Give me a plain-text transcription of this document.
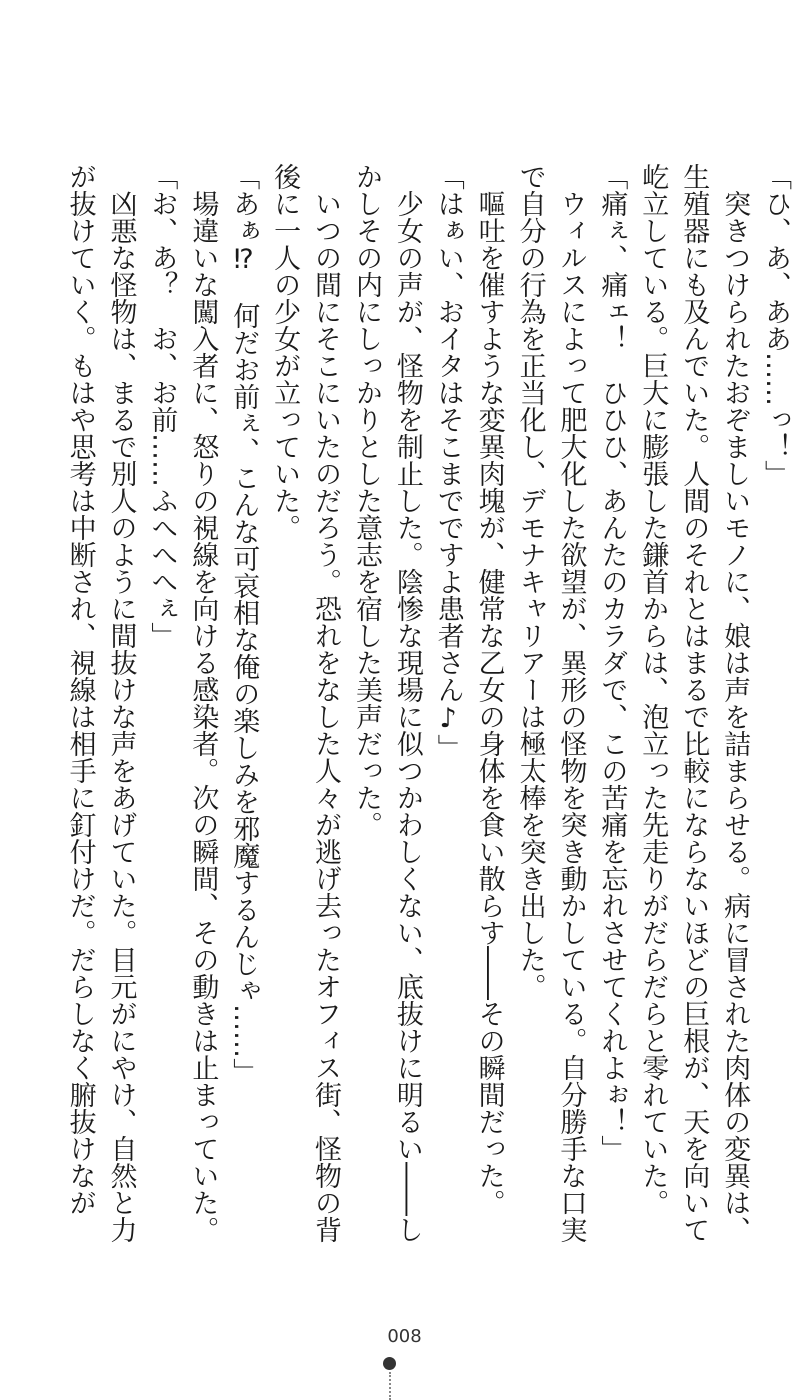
「ひ、あ、ああ……っ！」
　突きつけられたおぞましいモノに、娘は声を詰まらせる。病に冒された肉体の変異は、
生殖器にも及んでいた。人間のそれとはまるで比較にならないほどの巨根が、天を向いて
屹立している。巨大に膨張した鎌首からは、泡立った先走りがだらだらと零れていた。
「痛ぇ、痛ェ！　ひひひ、あんたのカラダで、この苦痛を忘れさせてくれよぉ！」
　ウィルスによって肥大化した欲望が、異形の怪物を突き動かしている。自分勝手な口実
で自分の行為を正当化し、デモナキャリアーは極太棒を突き出した。
　嘔吐を催すような変異肉塊が、健常な乙女の身体を食い散らす――その瞬間だった。
「はぁい、おイタはそこまでですよ患者さん♪」
　少女の声が、怪物を制止した。陰惨な現場に似つかわしくない、底抜けに明るい――し
かしその内にしっかりとした意志を宿した美声だった。
　いつの間にそこにいたのだろう。恐れをなした人々が逃げ去ったオフィス街、怪物の背
後に一人の少女が立っていた。
「あぁ⁉　何だお前ぇ、こんな可哀相な俺の楽しみを邪魔するんじゃ……」
　場違いな闖入者に、怒りの視線を向ける感染者。次の瞬間、その動きは止まっていた。
「お、あ？　お、お前……ふへへへぇ」
　凶悪な怪物は、まるで別人のように間抜けな声をあげていた。目元がにやけ、自然と力
が抜けていく。もはや思考は中断され、視線は相手に釘付けだ。だらしなく腑抜けなが
008
